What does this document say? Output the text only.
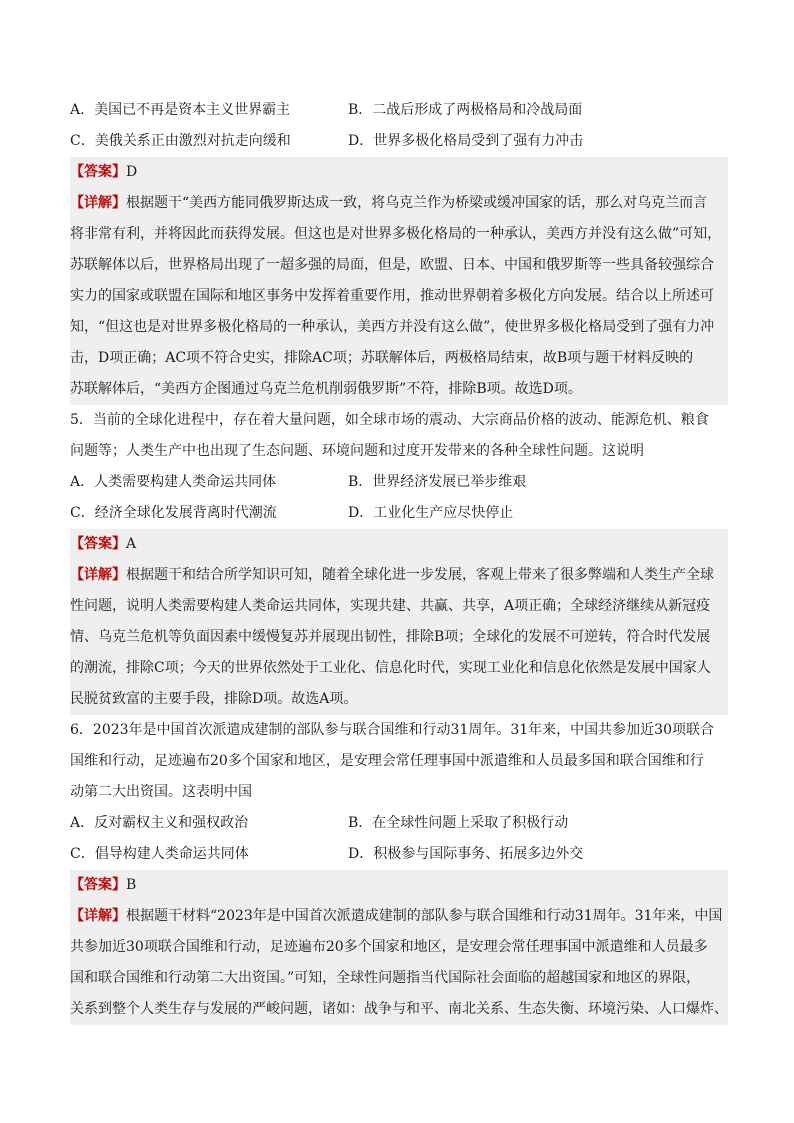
A．美国已不再是资本主义世界霸主	B．二战后形成了两极格局和冷战局面
C．美俄关系正由激烈对抗走向缓和	D．世界多极化格局受到了强有力冲击
【答案】D
【详解】根据题干“美西方能同俄罗斯达成一致，将乌克兰作为桥梁或缓冲国家的话，那么对乌克兰而言
将非常有利，并将因此而获得发展。但这也是对世界多极化格局的一种承认，美西方并没有这么做”可知，
苏联解体以后，世界格局出现了一超多强的局面，但是，欧盟、日本、中国和俄罗斯等一些具备较强综合
实力的国家或联盟在国际和地区事务中发挥着重要作用，推动世界朝着多极化方向发展。结合以上所述可
知，“但这也是对世界多极化格局的一种承认，美西方并没有这么做”，使世界多极化格局受到了强有力冲
击，D项正确；AC项不符合史实，排除AC项；苏联解体后，两极格局结束，故B项与题干材料反映的
苏联解体后，“美西方企图通过乌克兰危机削弱俄罗斯”不符，排除B项。故选D项。
5．当前的全球化进程中，存在着大量问题，如全球市场的震动、大宗商品价格的波动、能源危机、粮食
问题等；人类生产中也出现了生态问题、环境问题和过度开发带来的各种全球性问题。这说明
A．人类需要构建人类命运共同体	B．世界经济发展已举步维艰
C．经济全球化发展背离时代潮流	D．工业化生产应尽快停止
【答案】A
【详解】根据题干和结合所学知识可知，随着全球化进一步发展，客观上带来了很多弊端和人类生产全球
性问题，说明人类需要构建人类命运共同体，实现共建、共赢、共享，A项正确；全球经济继续从新冠疫
情、乌克兰危机等负面因素中缓慢复苏并展现出韧性，排除B项；全球化的发展不可逆转，符合时代发展
的潮流，排除C项；今天的世界依然处于工业化、信息化时代，实现工业化和信息化依然是发展中国家人
民脱贫致富的主要手段，排除D项。故选A项。
6．2023年是中国首次派遣成建制的部队参与联合国维和行动31周年。31年来，中国共参加近30项联合
国维和行动，足迹遍布20多个国家和地区，是安理会常任理事国中派遣维和人员最多国和联合国维和行
动第二大出资国。这表明中国
A．反对霸权主义和强权政治	B．在全球性问题上采取了积极行动
C．倡导构建人类命运共同体	D．积极参与国际事务、拓展多边外交
【答案】B
【详解】根据题干材料“2023年是中国首次派遣成建制的部队参与联合国维和行动31周年。31年来，中国
共参加近30项联合国维和行动，足迹遍布20多个国家和地区，是安理会常任理事国中派遣维和人员最多
国和联合国维和行动第二大出资国。”可知，全球性问题指当代国际社会面临的超越国家和地区的界限，
关系到整个人类生存与发展的严峻问题，诸如：战争与和平、南北关系、生态失衡、环境污染、人口爆炸、
